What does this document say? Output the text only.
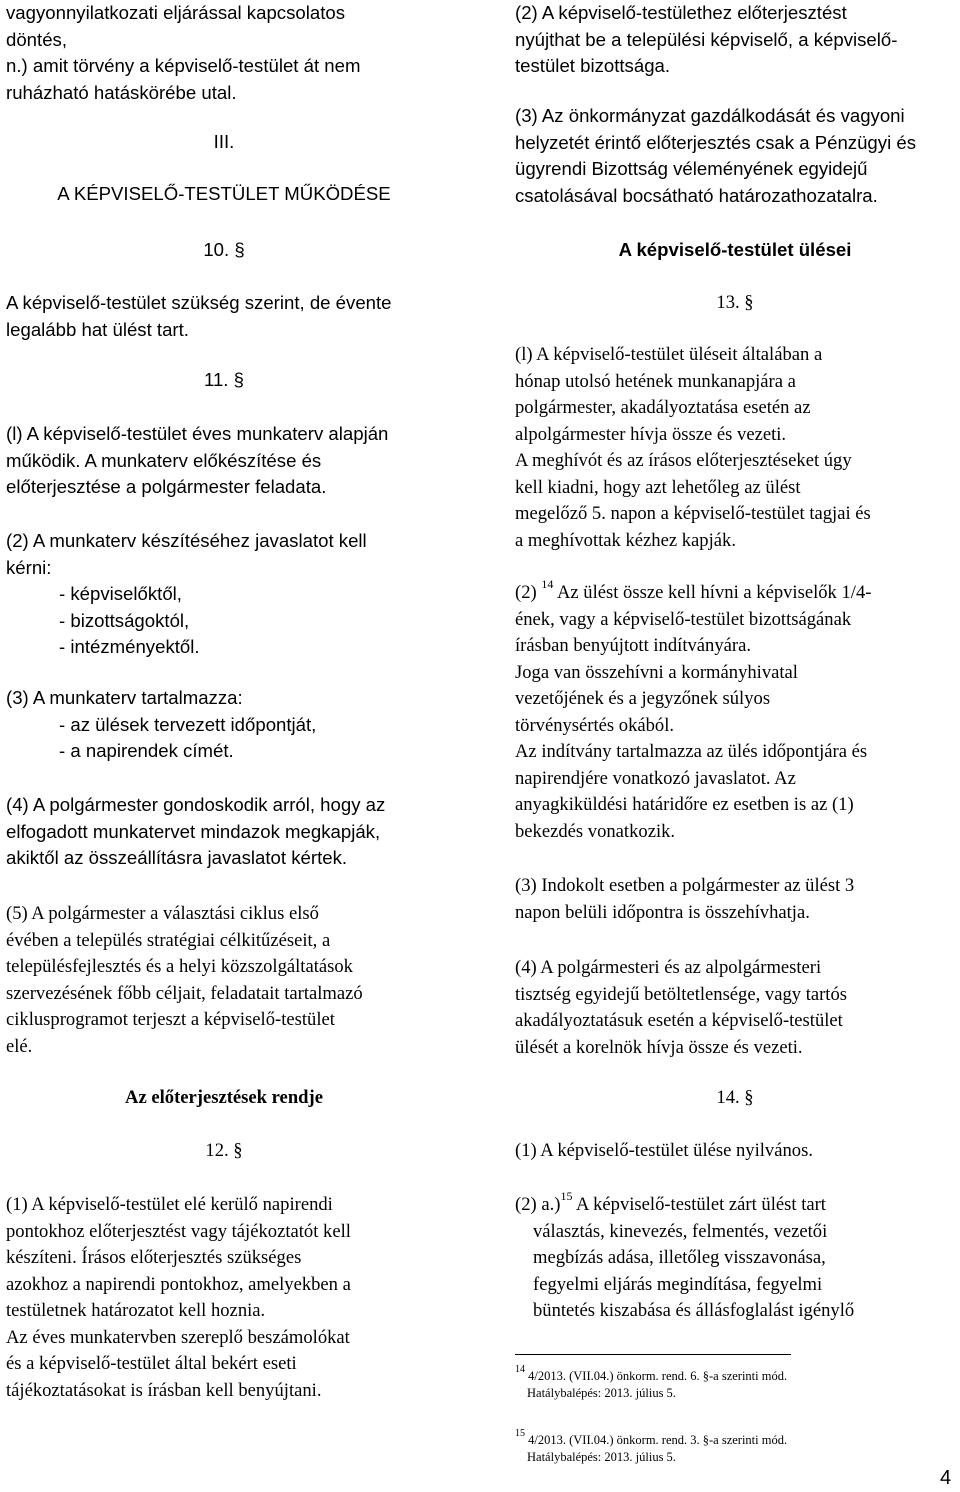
vagyonnyilatkozati eljárással kapcsolatos
döntés,
n.) amit törvény a képviselő-testület át nem
ruházható hatáskörébe utal.
III.
A KÉPVISELŐ-TESTÜLET MŰKÖDÉSE
10. §
A képviselő-testület szükség szerint, de évente
legalább hat ülést tart.
11. §
(l) A képviselő-testület éves munkaterv alapján
működik. A munkaterv előkészítése és
előterjesztése a polgármester feladata.
(2) A munkaterv készítéséhez javaslatot kell
kérni:
- képviselőktől,
- bizottságoktól,
- intézményektől.
(3) A munkaterv tartalmazza:
- az ülések tervezett időpontját,
- a napirendek címét.
(4) A polgármester gondoskodik arról, hogy az
elfogadott munkatervet mindazok megkapják,
akiktől az összeállításra javaslatot kértek.
(5) A polgármester a választási ciklus első
évében a település stratégiai célkitűzéseit, a
településfejlesztés és a helyi közszolgáltatások
szervezésének főbb céljait, feladatait tartalmazó
ciklusprogramot terjeszt a képviselő-testület
elé.
Az előterjesztések rendje
12. §
(1) A képviselő-testület elé kerülő napirendi
pontokhoz előterjesztést vagy tájékoztatót kell
készíteni. Írásos előterjesztés szükséges
azokhoz a napirendi pontokhoz, amelyekben a
testületnek határozatot kell hoznia.
Az éves munkatervben szereplő beszámolókat
és a képviselő-testület által bekért eseti
tájékoztatásokat is írásban kell benyújtani.
(2) A képviselő-testülethez előterjesztést
nyújthat be a települési képviselő, a képviselő-
testület bizottsága.
(3) Az önkormányzat gazdálkodását és vagyoni
helyzetét érintő előterjesztés csak a Pénzügyi és
ügyrendi Bizottság véleményének egyidejű
csatolásával bocsátható határozathozatalra.
A képviselő-testület ülései
13. §
(l) A képviselő-testület üléseit általában a
hónap utolsó hetének munkanapjára a
polgármester, akadályoztatása esetén az
alpolgármester hívja össze és vezeti.
A meghívót és az írásos előterjesztéseket úgy
kell kiadni, hogy azt lehetőleg az ülést
megelőző 5. napon a képviselő-testület tagjai és
a meghívottak kézhez kapják.
(2) $^{14}$ Az ülést össze kell hívni a képviselők 1/4-
ének, vagy a képviselő-testület bizottságának
írásban benyújtott indítványára.
Joga van összehívni a kormányhivatal
vezetőjének és a jegyzőnek súlyos
törvénysértés okából.
Az indítvány tartalmazza az ülés időpontjára és
napirendjére vonatkozó javaslatot. Az
anyagkiküldési határidőre ez esetben is az (1)
bekezdés vonatkozik.
(3) Indokolt esetben a polgármester az ülést 3
napon belüli időpontra is összehívhatja.
(4) A polgármesteri és az alpolgármesteri
tisztség egyidejű betöltetlensége, vagy tartós
akadályoztatásuk esetén a képviselő-testület
ülését a korelnök hívja össze és vezeti.
14. §
(1) A képviselő-testület ülése nyilvános.
(2) a.)$^{15}$ A képviselő-testület zárt ülést tart
választás, kinevezés, felmentés, vezetői
megbízás adása, illetőleg visszavonása,
fegyelmi eljárás megindítása, fegyelmi
büntetés kiszabása és állásfoglalást igénylő
$^{14}$ 4/2013. (VII.04.) önkorm. rend. 6. §-a szerinti mód.
Hatálybalépés: 2013. július 5.
$^{15}$ 4/2013. (VII.04.) önkorm. rend. 3. §-a szerinti mód.
Hatálybalépés: 2013. július 5.
4
